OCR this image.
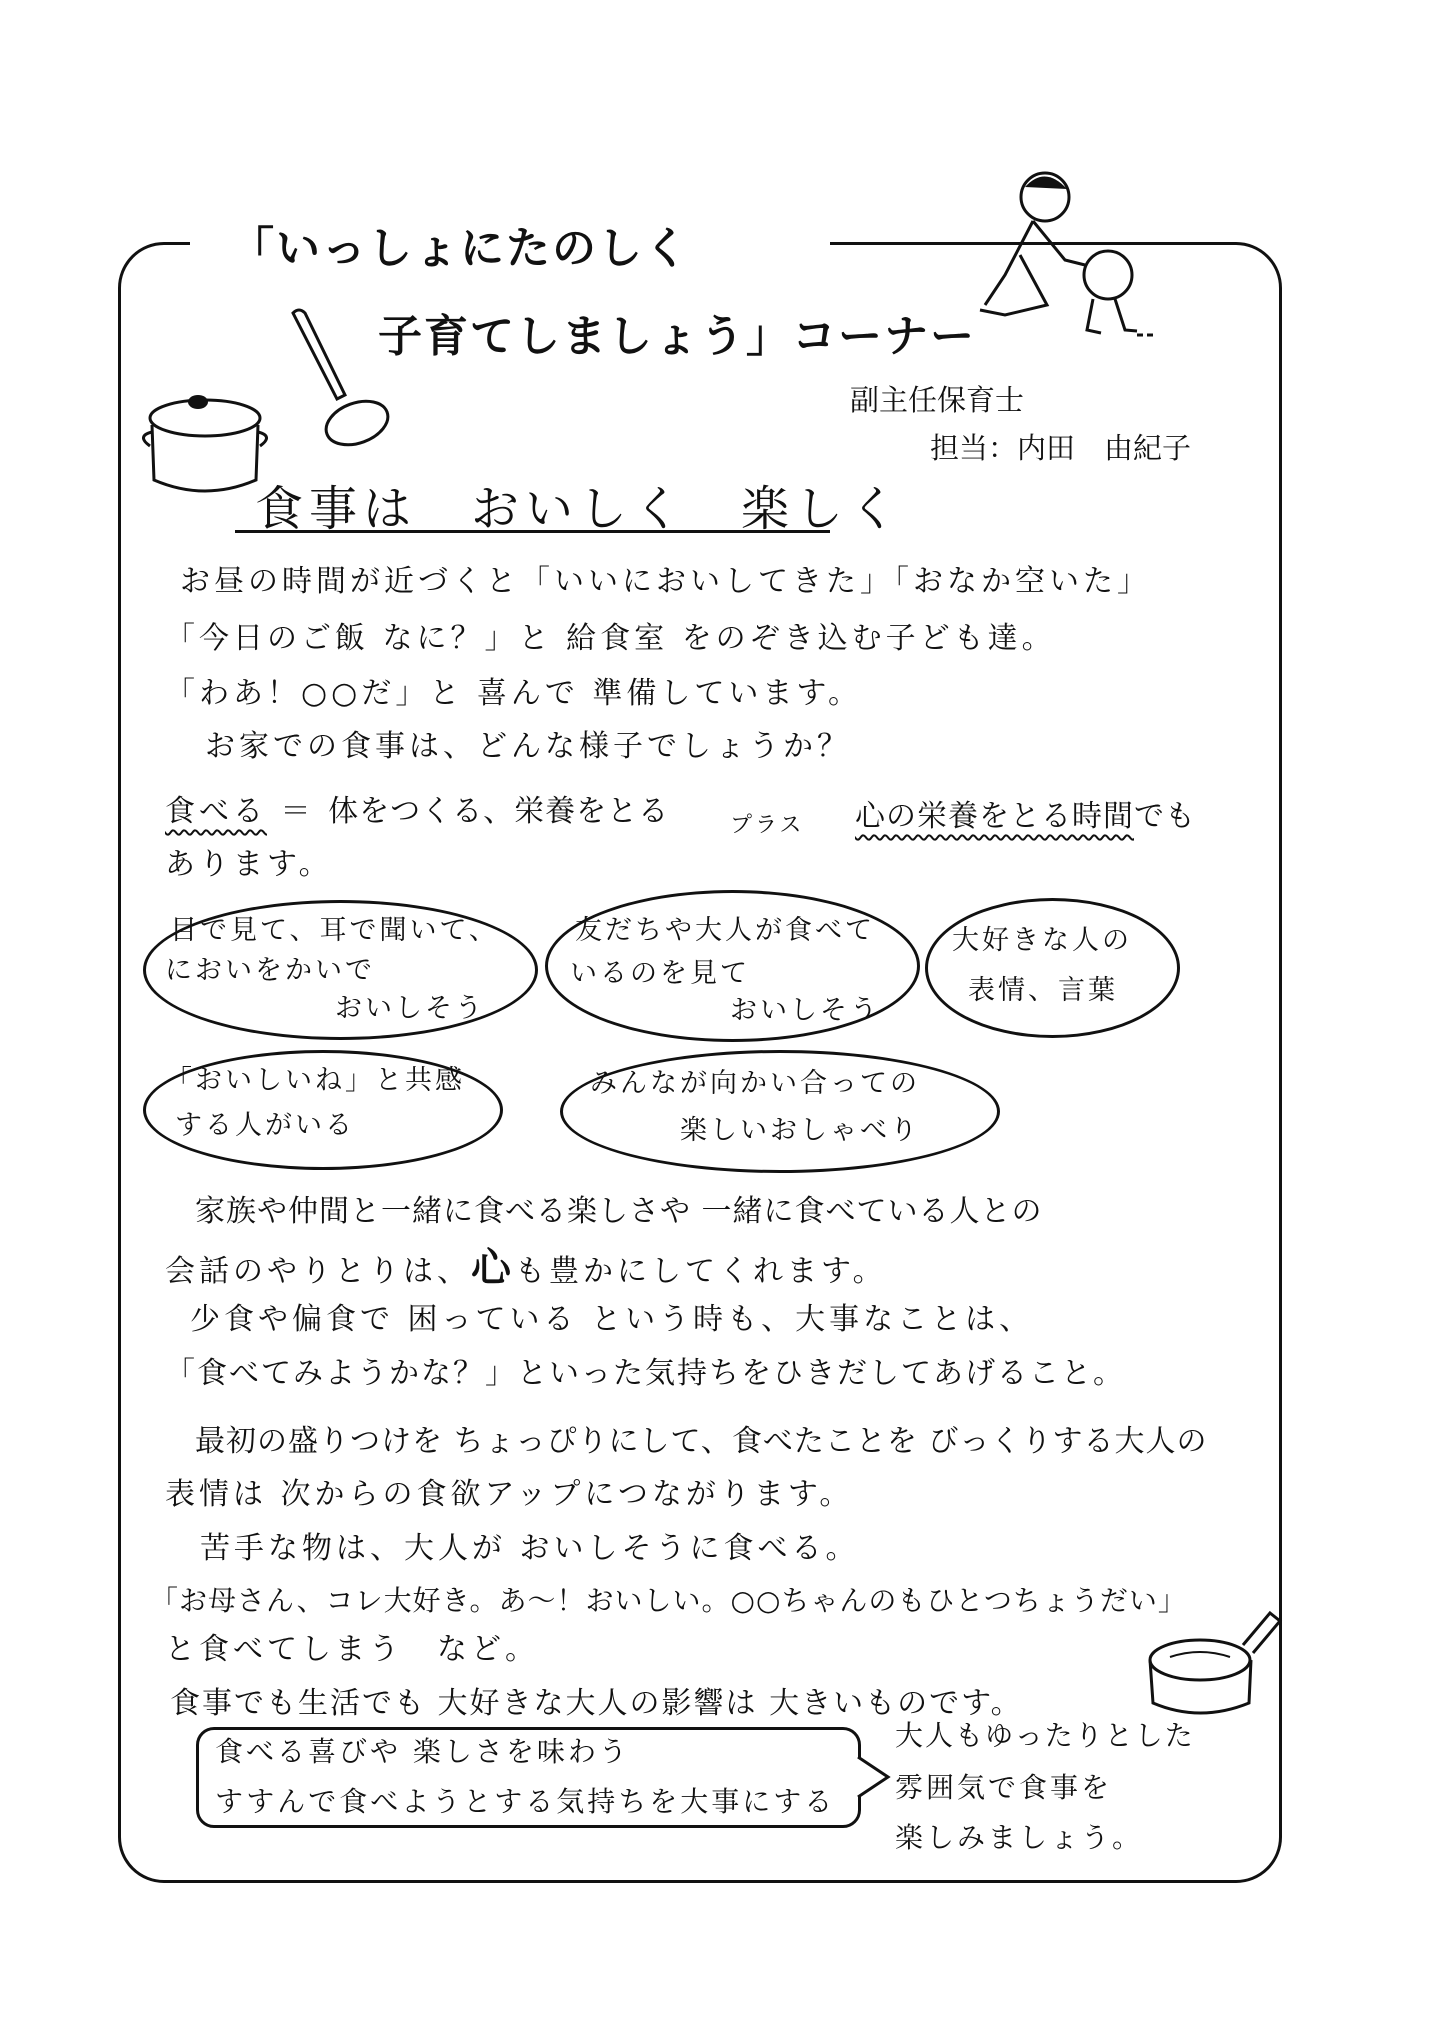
「いっしょにたのしく
子育てしましょう」コーナー
副主任保育士
担当：内田　由紀子
食事は　おいしく　楽しく
お昼の時間が近づくと「いいにおいしてきた」「おなか空いた」
「今日のご飯 なに？」と 給食室 をのぞき込む子ども達。
「わあ！○○だ」と 喜んで 準備しています。
お家での食事は、どんな様子でしょうか？
食べる ＝ 体をつくる、栄養をとる	プラス 心の栄養をとる時間でも
あります。
目で見て、耳で聞いて、
においをかいで
おいしそう
友だちや大人が食べて
いるのを見て
おいしそう
大好きな人の
表情、言葉
「おいしいね」と共感
する人がいる
みんなが向かい合っての
楽しいおしゃべり
家族や仲間と一緒に食べる楽しさや 一緒に食べている人との
会話のやりとりは、心も豊かにしてくれます。
少食や偏食で 困っている という時も、大事なことは、
「食べてみようかな？」といった気持ちをひきだしてあげること。
最初の盛りつけを ちょっぴりにして、食べたことを びっくりする大人の
表情は 次からの食欲アップにつながります。
苦手な物は、大人が おいしそうに食べる。
「お母さん、コレ大好き。あ～！おいしい。○○ちゃんのもひとつちょうだい」
と食べてしまう　など。
食事でも生活でも 大好きな大人の影響は 大きいものです。
食べる喜びや 楽しさを味わう
すすんで食べようとする気持ちを大事にする
大人もゆったりとした
雰囲気で食事を
楽しみましょう。
